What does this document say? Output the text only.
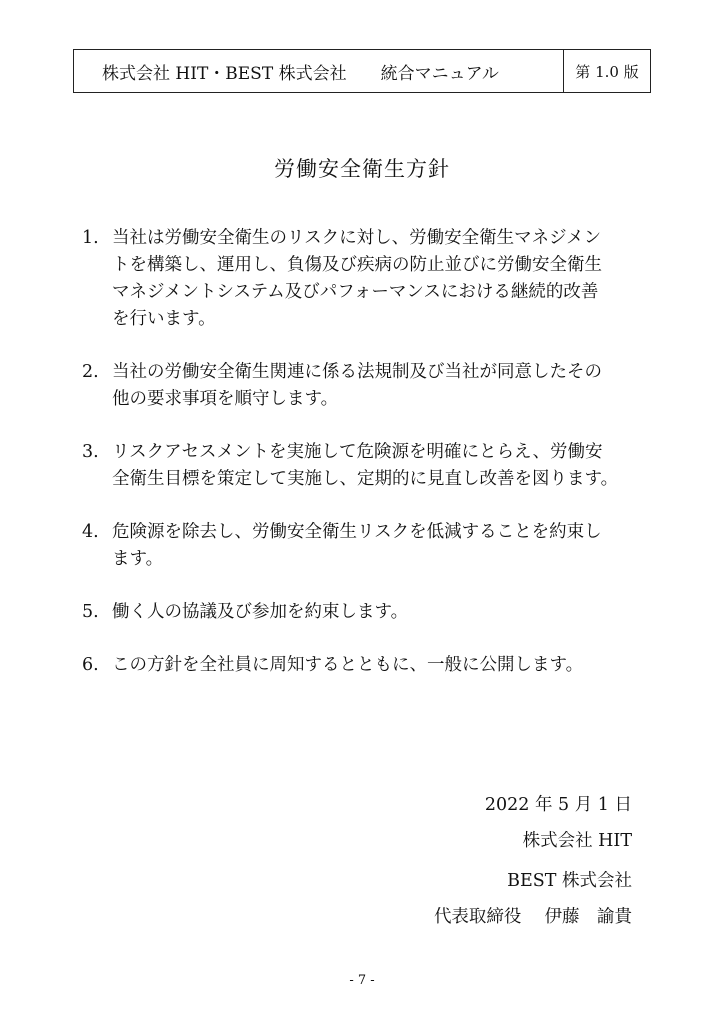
株式会社 HIT・BEST 株式会社 統合マニュアル	第 1.0 版
労働安全衛生方針
1. 当社は労働安全衛生のリスクに対し、労働安全衛生マネジメン
トを構築し、運用し、負傷及び疾病の防止並びに労働安全衛生
マネジメントシステム及びパフォーマンスにおける継続的改善
を行います。
2. 当社の労働安全衛生関連に係る法規制及び当社が同意したその
他の要求事項を順守します。
3. リスクアセスメントを実施して危険源を明確にとらえ、労働安
全衛生目標を策定して実施し、定期的に見直し改善を図ります。
4. 危険源を除去し、労働安全衛生リスクを低減することを約束し
ます。
5. 働く人の協議及び参加を約束します。
6. この方針を全社員に周知するとともに、一般に公開します。
2022 年 5 月 1 日
株式会社 HIT
BEST 株式会社
代表取締役　 伊藤　諭貴
- 7 -
